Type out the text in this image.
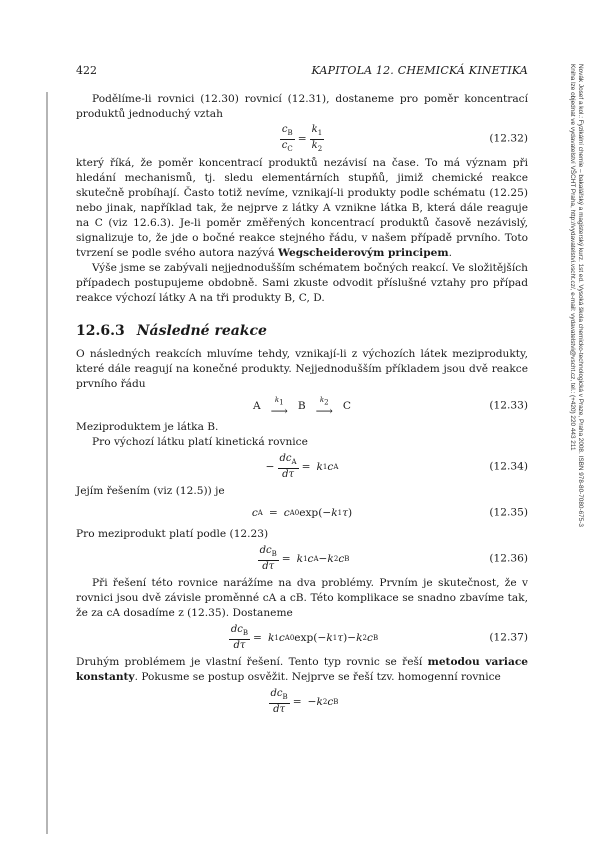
422	KAPITOLA 12. CHEMICKÁ KINETIKA	Novák Josef a kol.: Fyzikální chemie – bakalářský a magisterský kurz. 1st ed. Vysoká škola chemicko-technologická v Praze, Praha 2008. ISBN 978-80-7080-675-3
Kniha lze objednat ve vydavatelství VŠCHT Praha, http://vydavatelstvi.vscht.cz/, e-mail: vydavatelstvi@vscht.cz, tel.: (+420) 220 443 211

Podělíme-li rovnici (12.30) rovnicí (12.31), dostaneme pro poměr koncentrací produktů jednoduchý vztah

$\frac{c_B}{c_C} = \frac{k_1}{k_2}$	(12.32)

který říká, že poměr koncentrací produktů nezávisí na čase. To má význam při hledání mechanismů, tj. sledu elementárních stupňů, jimiž chemické reakce skutečně probíhají. Často totiž nevíme, vznikají-li produkty podle schématu (12.25) nebo jinak, například tak, že nejprve z látky A vznikne látka B, která dále reaguje na C (viz 12.6.3). Je-li poměr změřených koncentrací produktů časově nezávislý, signalizuje to, že jde o bočné reakce stejného řádu, v našem případě prvního. Toto tvrzení se podle svého autora nazývá Wegscheiderovým principem.

Výše jsme se zabývali nejjednodušším schématem bočných reakcí. Ve složitějších případech postupujeme obdobně. Sami zkuste odvodit příslušné vztahy pro případ reakce výchozí látky A na tři produkty B, C, D.

12.6.3 Následné reakce

O následných reakcích mluvíme tehdy, vznikají-li z výchozích látek meziprodukty, které dále reagují na konečné produkty. Nejjednodušším příkladem jsou dvě reakce prvního řádu

A $k_1$
⟶ B $k_2$
⟶ C	(12.33)

Meziproduktem je látka B.

Pro výchozí látku platí kinetická rovnice

− $\frac{dc_A}{d\tau} = k$ 1 c A	(12.34)

Jejím řešením (viz (12.5)) je

c A = c A0 exp(− k 1 τ )	(12.35)

Pro meziprodukt platí podle (12.23)

$\frac{dc_B}{d\tau} = k$ 1 c A − k 2 c B	(12.36)

Při řešení této rovnice narážíme na dva problémy. Prvním je skutečnost, že v rovnici jsou dvě závisle proměnné cA a cB. Této komplikace se snadno zbavíme tak, že za cA dosadíme z (12.35). Dostaneme

$\frac{dc_B}{d\tau} = k$ 1 c A0 exp(− k 1 τ ) − k 2 c B	(12.37)

Druhým problémem je vlastní řešení. Tento typ rovnic se řeší metodou variace konstanty. Pokusme se postup osvěžit. Nejprve se řeší tzv. homogenní rovnice

$\frac{dc_B}{d\tau} = -k$ 2 c B
